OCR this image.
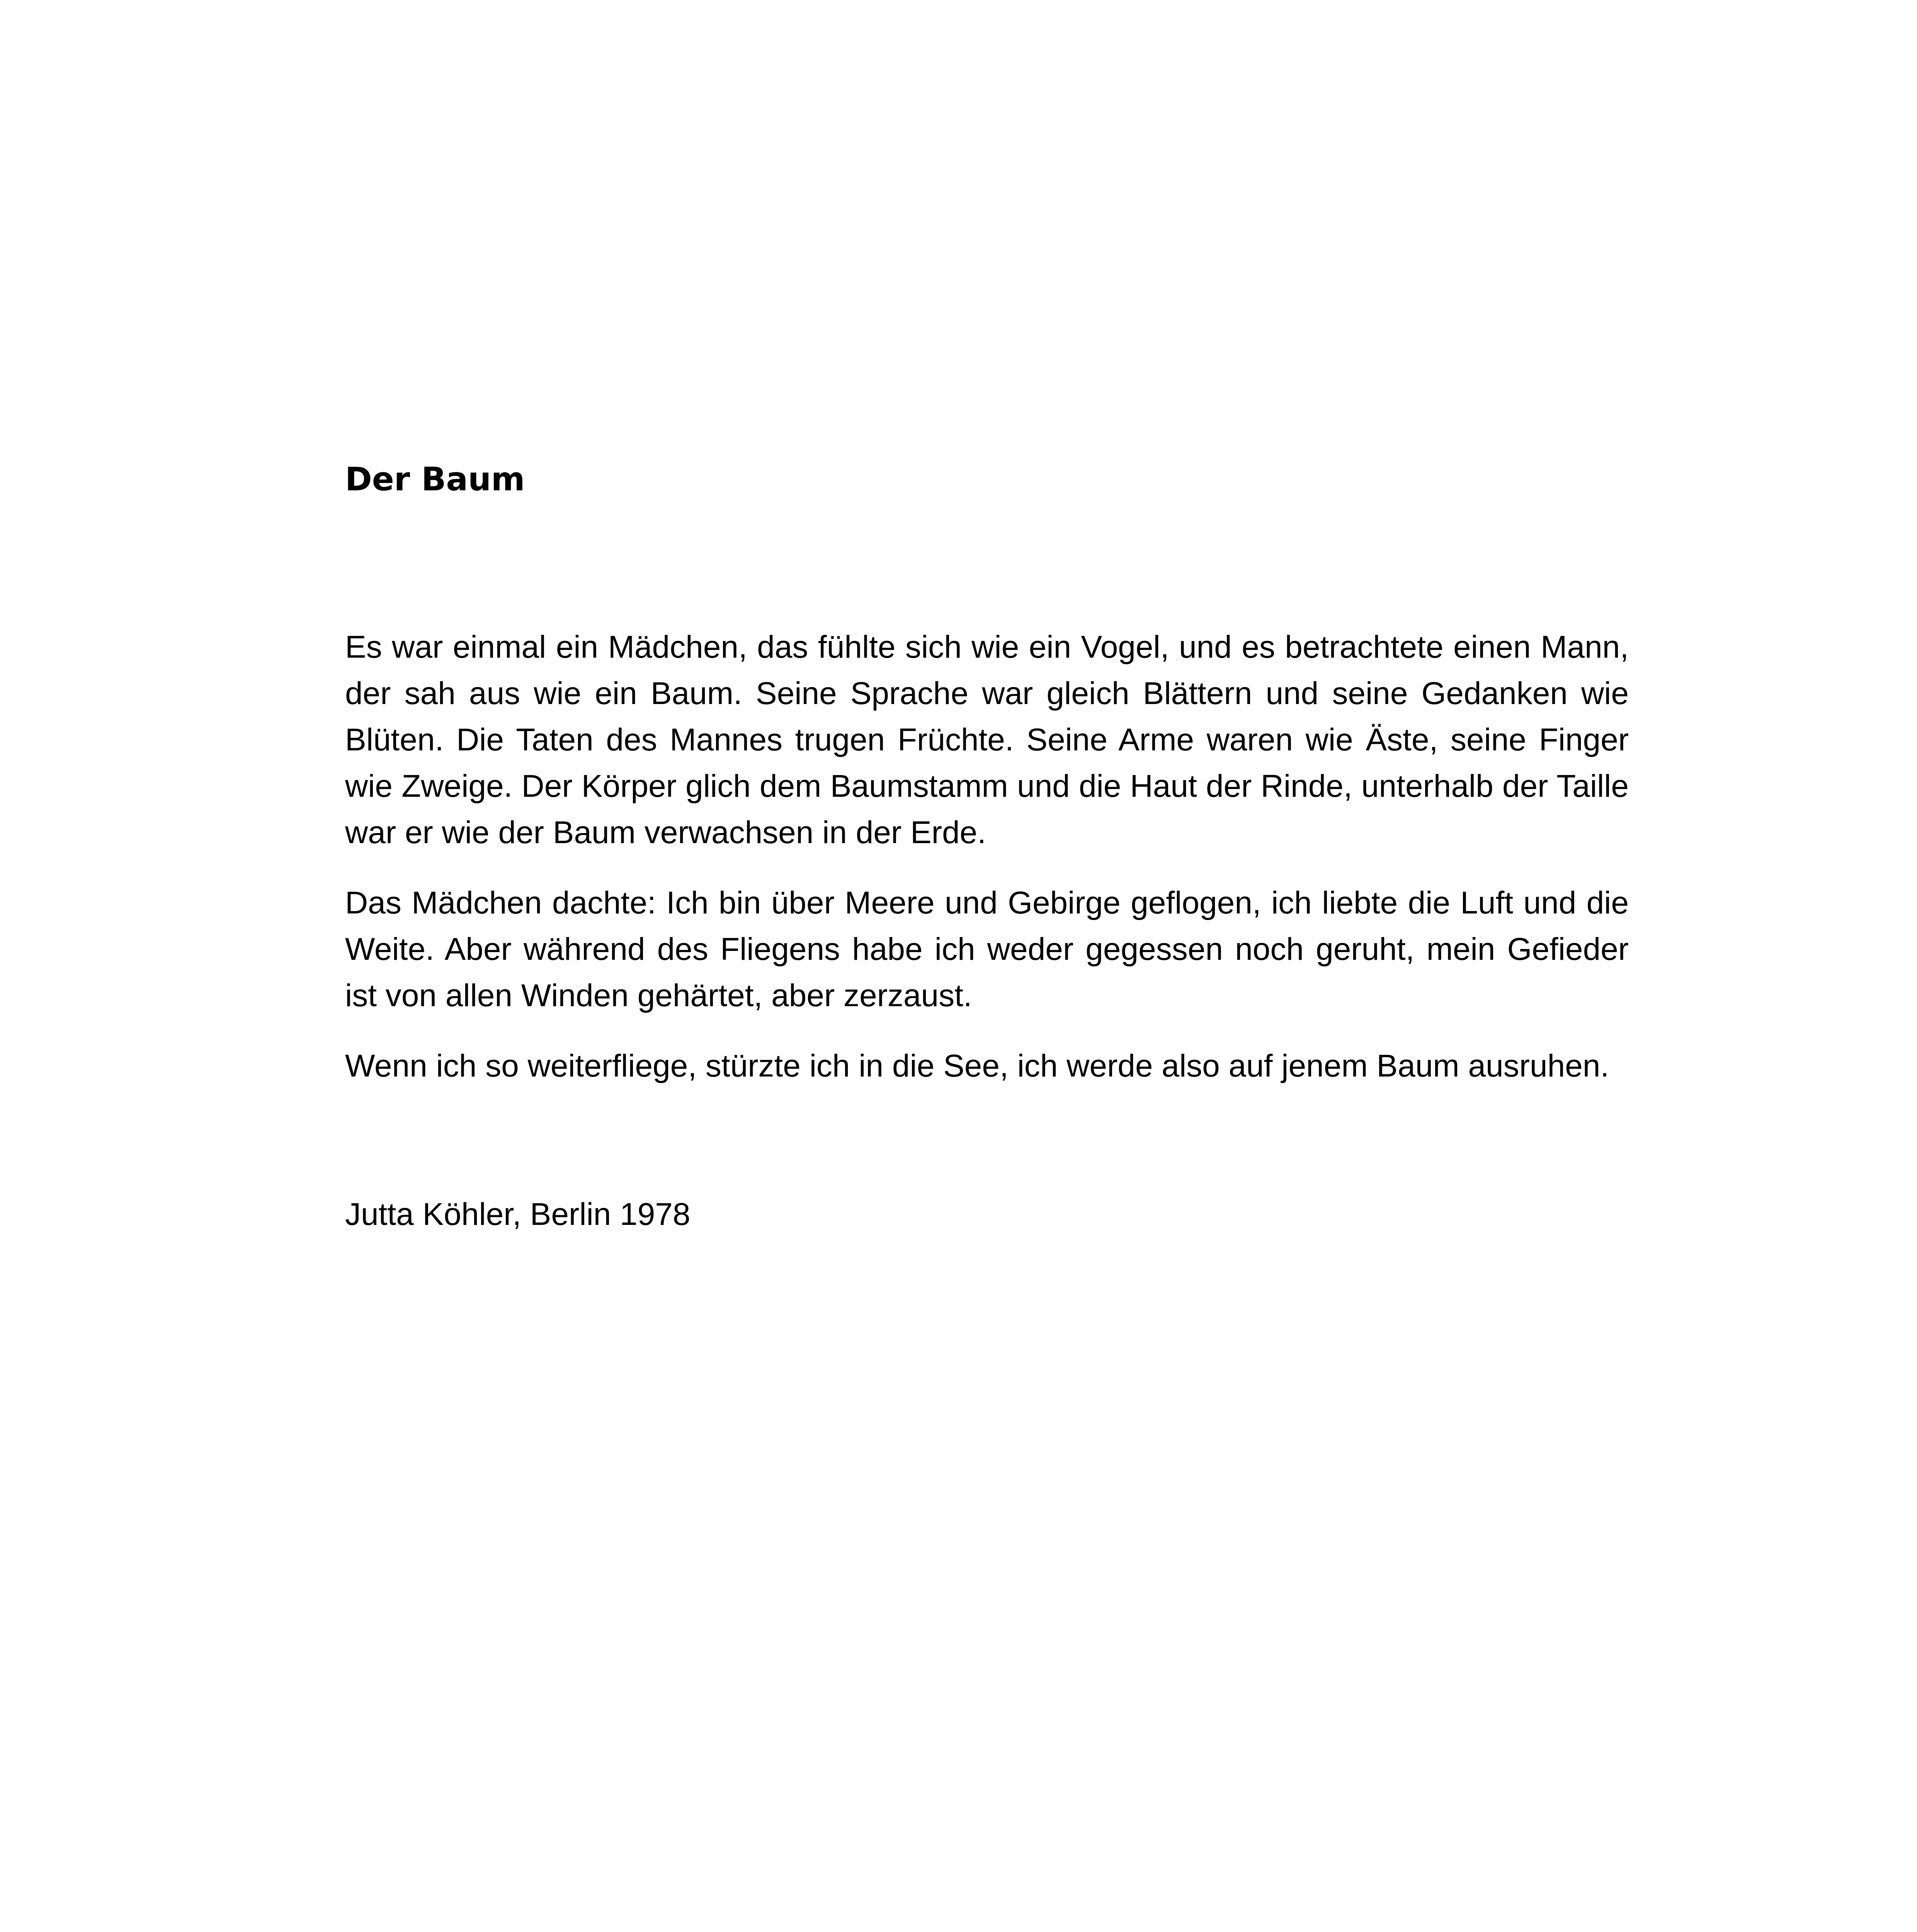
Der Baum

Es war einmal ein Mädchen, das fühlte sich wie ein Vogel, und es betrachtete einen Mann, der sah aus wie ein Baum. Seine Sprache war gleich Blättern und seine Gedanken wie Blüten. Die Taten des Mannes trugen Früchte. Seine Arme waren wie Äste, seine Finger wie Zweige. Der Körper glich dem Baumstamm und die Haut der Rinde, unterhalb der Taille war er wie der Baum verwachsen in der Erde.

Das Mädchen dachte: Ich bin über Meere und Gebirge geflogen, ich liebte die Luft und die Weite. Aber während des Fliegens habe ich weder gegessen noch geruht, mein Gefieder ist von allen Winden gehärtet, aber zerzaust.

Wenn ich so weiterfliege, stürzte ich in die See, ich werde also auf jenem Baum ausruhen.

Jutta Köhler, Berlin 1978
